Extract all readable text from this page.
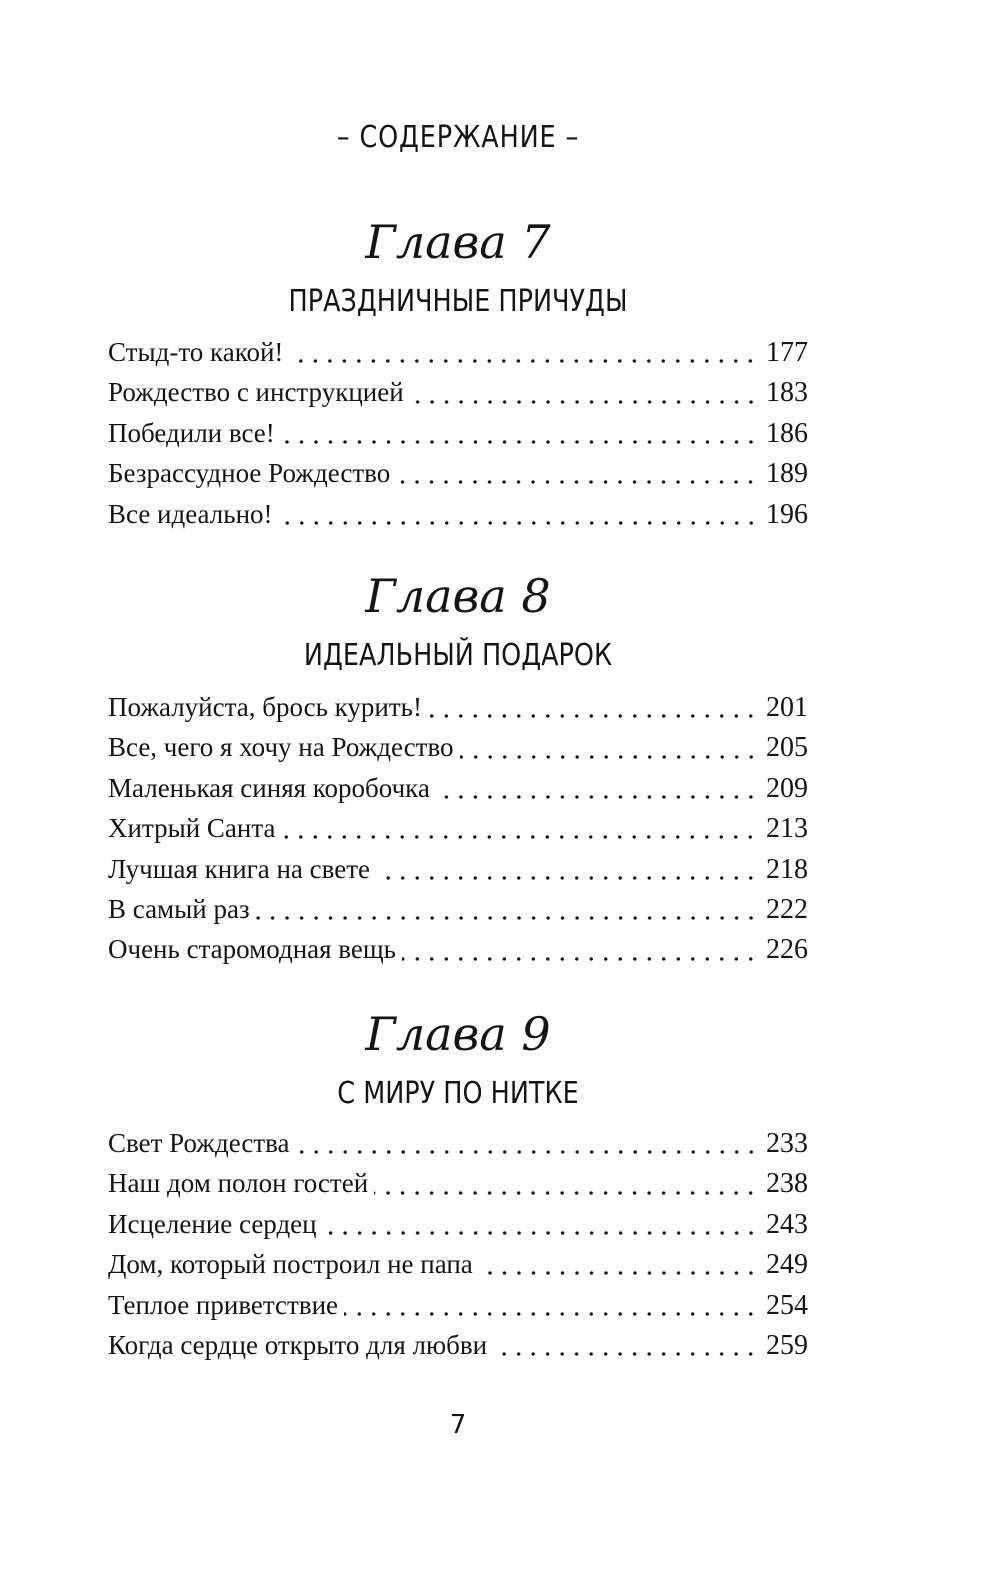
– СОДЕРЖАНИЕ –
Глава 7
ПРАЗДНИЧНЫЕ ПРИЧУДЫ
Стыд-то какой!	177
Рождество с инструкцией	183
Победили все!	186
Безрассудное Рождество	189
Все идеально!	196
Глава 8
ИДЕАЛЬНЫЙ ПОДАРОК
Пожалуйста, брось курить!	201
Все, чего я хочу на Рождество	205
Маленькая синяя коробочка	209
Хитрый Санта	213
Лучшая книга на свете	218
В самый раз	222
Очень старомодная вещь	226
Глава 9
С МИРУ ПО НИТКЕ
Свет Рождества	233
Наш дом полон гостей	238
Исцеление сердец	243
Дом, который построил не папа	249
Теплое приветствие	254
Когда сердце открыто для любви	259
7
